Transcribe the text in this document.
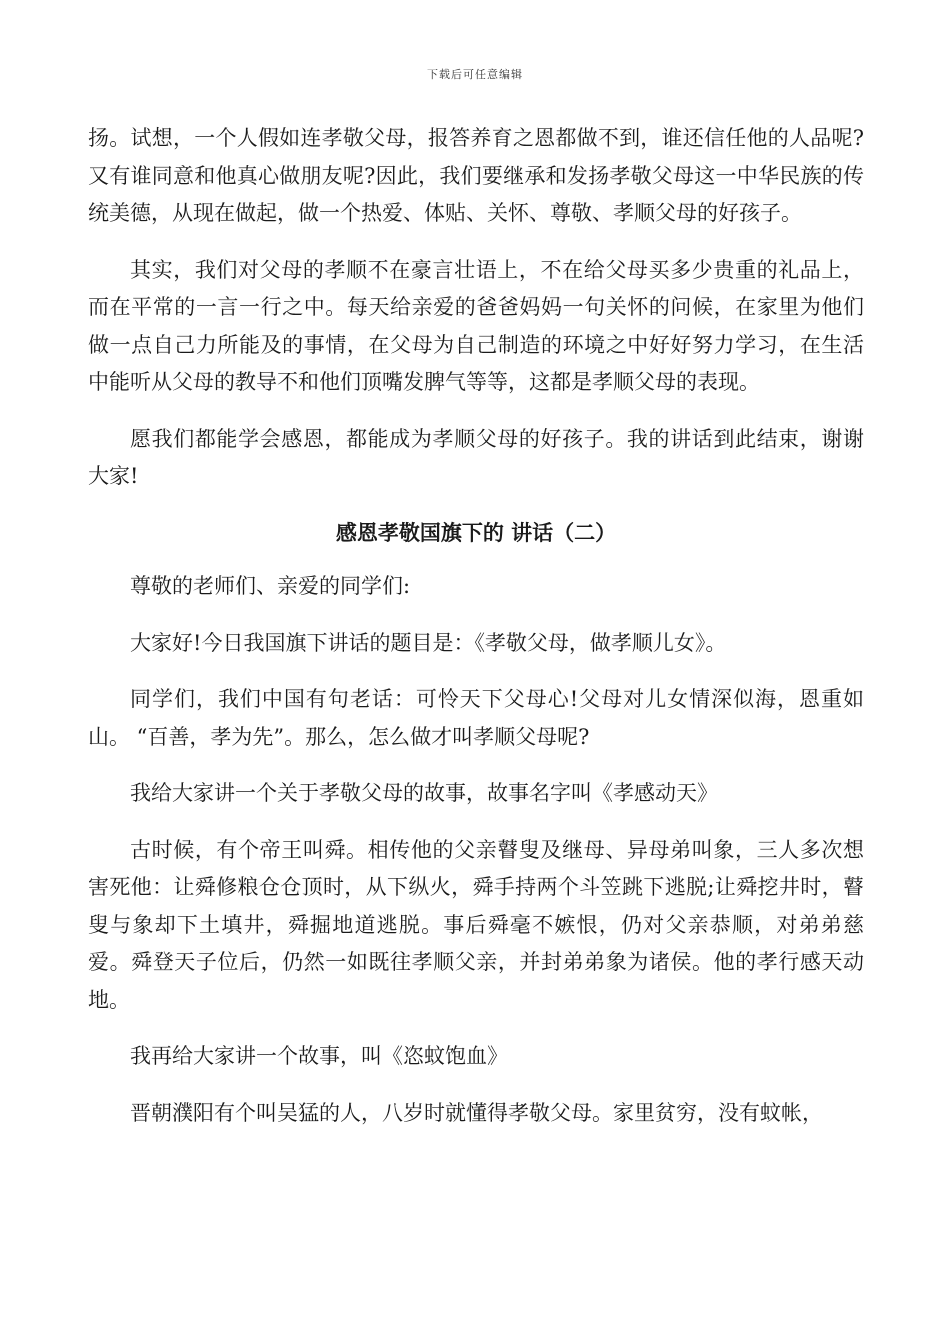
下载后可任意编辑

扬。试想，一个人假如连孝敬父母，报答养育之恩都做不到，谁还信任他的人品呢?又有谁同意和他真心做朋友呢?因此，我们要继承和发扬孝敬父母这一中华民族的传统美德，从现在做起，做一个热爱、体贴、关怀、尊敬、孝顺父母的好孩子。

其实，我们对父母的孝顺不在豪言壮语上，不在给父母买多少贵重的礼品上，而在平常的一言一行之中。每天给亲爱的爸爸妈妈一句关怀的问候，在家里为他们做一点自己力所能及的事情，在父母为自己制造的环境之中好好努力学习，在生活中能听从父母的教导不和他们顶嘴发脾气等等，这都是孝顺父母的表现。

愿我们都能学会感恩，都能成为孝顺父母的好孩子。我的讲话到此结束，谢谢大家!

感恩孝敬国旗下的 讲话（二）

尊敬的老师们、亲爱的同学们:

大家好!今日我国旗下讲话的题目是：《孝敬父母，做孝顺儿女》。

同学们，我们中国有句老话：可怜天下父母心!父母对儿女情深似海，恩重如山。 “百善，孝为先”。那么，怎么做才叫孝顺父母呢?

我给大家讲一个关于孝敬父母的故事，故事名字叫《孝感动天》

古时候，有个帝王叫舜。相传他的父亲瞽叟及继母、异母弟叫象，三人多次想害死他：让舜修粮仓仓顶时，从下纵火，舜手持两个斗笠跳下逃脱;让舜挖井时，瞽叟与象却下土填井，舜掘地道逃脱。事后舜毫不嫉恨，仍对父亲恭顺，对弟弟慈爱。舜登天子位后，仍然一如既往孝顺父亲，并封弟弟象为诸侯。他的孝行感天动地。

我再给大家讲一个故事，叫《恣蚊饱血》

晋朝濮阳有个叫吴猛的人，八岁时就懂得孝敬父母。家里贫穷，没有蚊帐，
